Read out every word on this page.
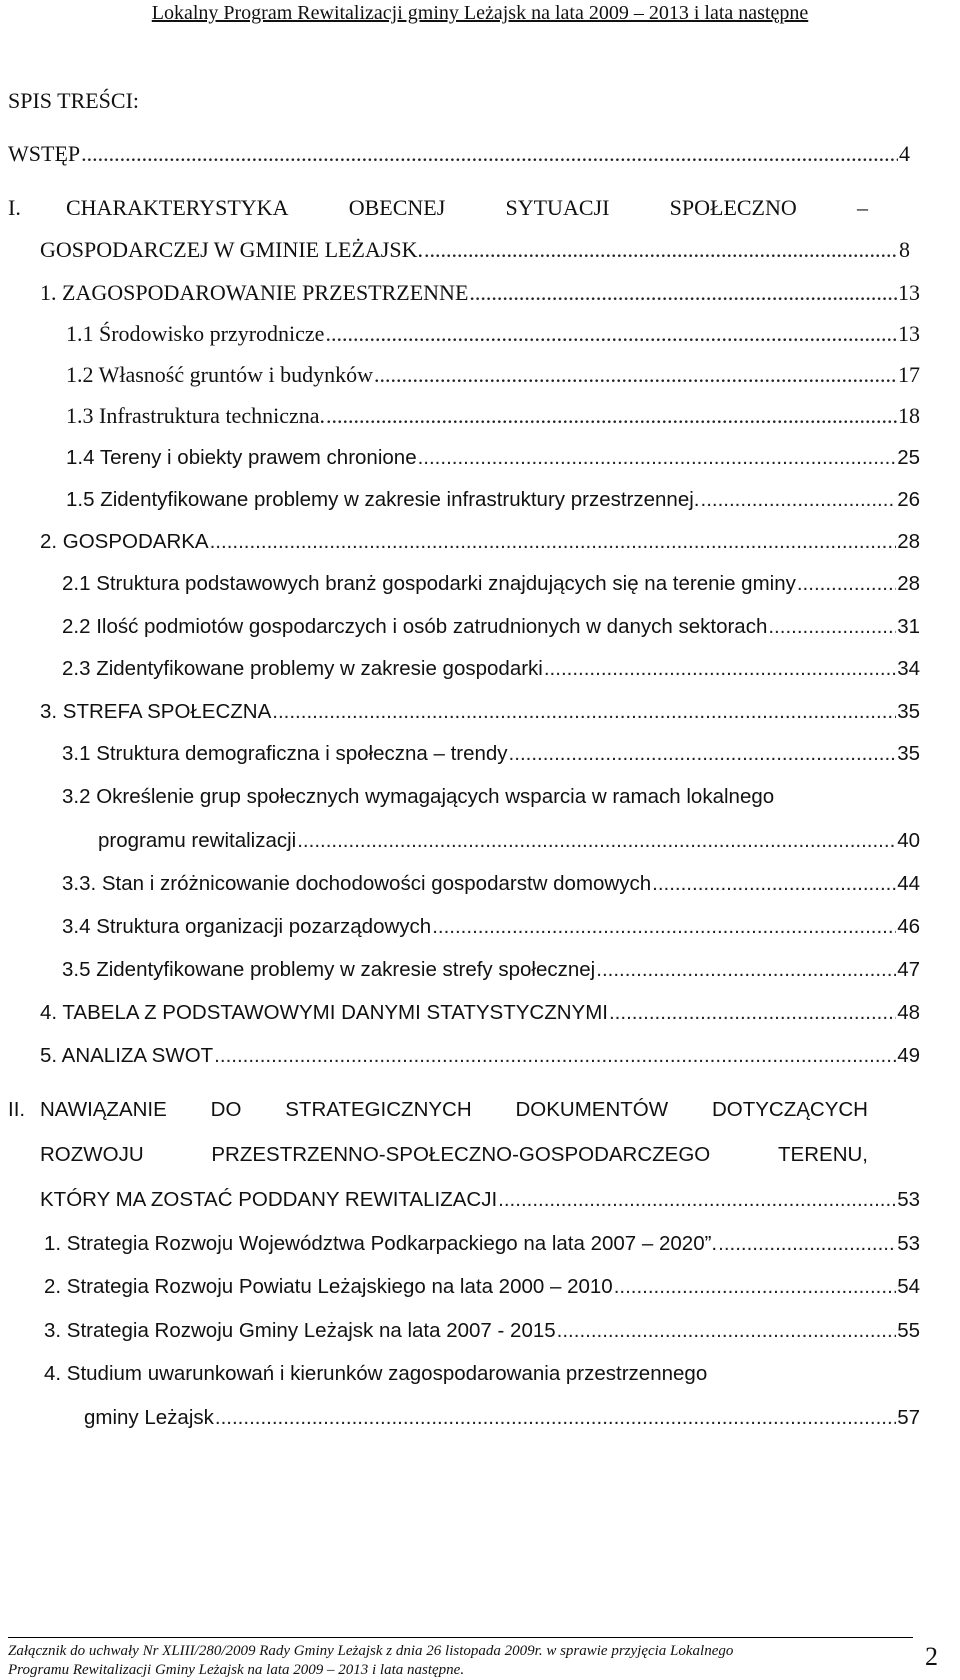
Lokalny Program Rewitalizacji gminy Leżajsk na lata 2009 – 2013 i lata następne
SPIS TREŚCI:
WSTĘP .....	4
I. CHARAKTERYSTYKA	OBECNEJ	SYTUACJI	SPOŁECZNO	–
GOSPODARCZEJ W GMINIE LEŻAJSK. .....	8
1. ZAGOSPODAROWANIE PRZESTRZENNE .....	13
1.1 Środowisko przyrodnicze .....	13
1.2 Własność gruntów i budynków .....	17
1.3 Infrastruktura techniczna. .....	18
1.4 Tereny i obiekty prawem chronione .....	25
1.5 Zidentyfikowane problemy w zakresie infrastruktury przestrzennej. .....	26
2. GOSPODARKA .....	28
2.1 Struktura podstawowych branż gospodarki znajdujących się na terenie gminy .....	28
2.2 Ilość podmiotów gospodarczych i osób zatrudnionych w danych sektorach .....	31
2.3 Zidentyfikowane problemy w zakresie gospodarki .....	34
3. STREFA SPOŁECZNA .....	35
3.1 Struktura demograficzna i społeczna – trendy .....	35
3.2 Określenie grup społecznych wymagających wsparcia w ramach lokalnego
programu rewitalizacji .....	40
3.3. Stan i zróżnicowanie dochodowości gospodarstw domowych .....	44
3.4 Struktura organizacji pozarządowych .....	46
3.5 Zidentyfikowane problemy w zakresie strefy społecznej .....	47
4. TABELA Z PODSTAWOWYMI DANYMI STATYSTYCZNYMI .....	48
5. ANALIZA SWOT .....	49
II. NAWIĄZANIE DO STRATEGICZNYCH DOKUMENTÓW DOTYCZĄCYCH
ROZWOJU	PRZESTRZENNO-SPOŁECZNO-GOSPODARCZEGO	TERENU,
KTÓRY MA ZOSTAĆ PODDANY REWITALIZACJI .....	53
1. Strategia Rozwoju Województwa Podkarpackiego na lata 2007 – 2020”. .....	53
2. Strategia Rozwoju Powiatu Leżajskiego na lata 2000 – 2010 .....	54
3. Strategia Rozwoju Gminy Leżajsk na lata 2007 - 2015 .....	55
4. Studium uwarunkowań i kierunków zagospodarowania przestrzennego
gminy Leżajsk .....	57
Załącznik do uchwały Nr XLIII/280/2009 Rady Gminy Leżajsk z dnia 26 listopada 2009r. w sprawie przyjęcia Lokalnego
Programu Rewitalizacji Gminy Leżajsk na lata 2009 – 2013 i lata następne.	2
